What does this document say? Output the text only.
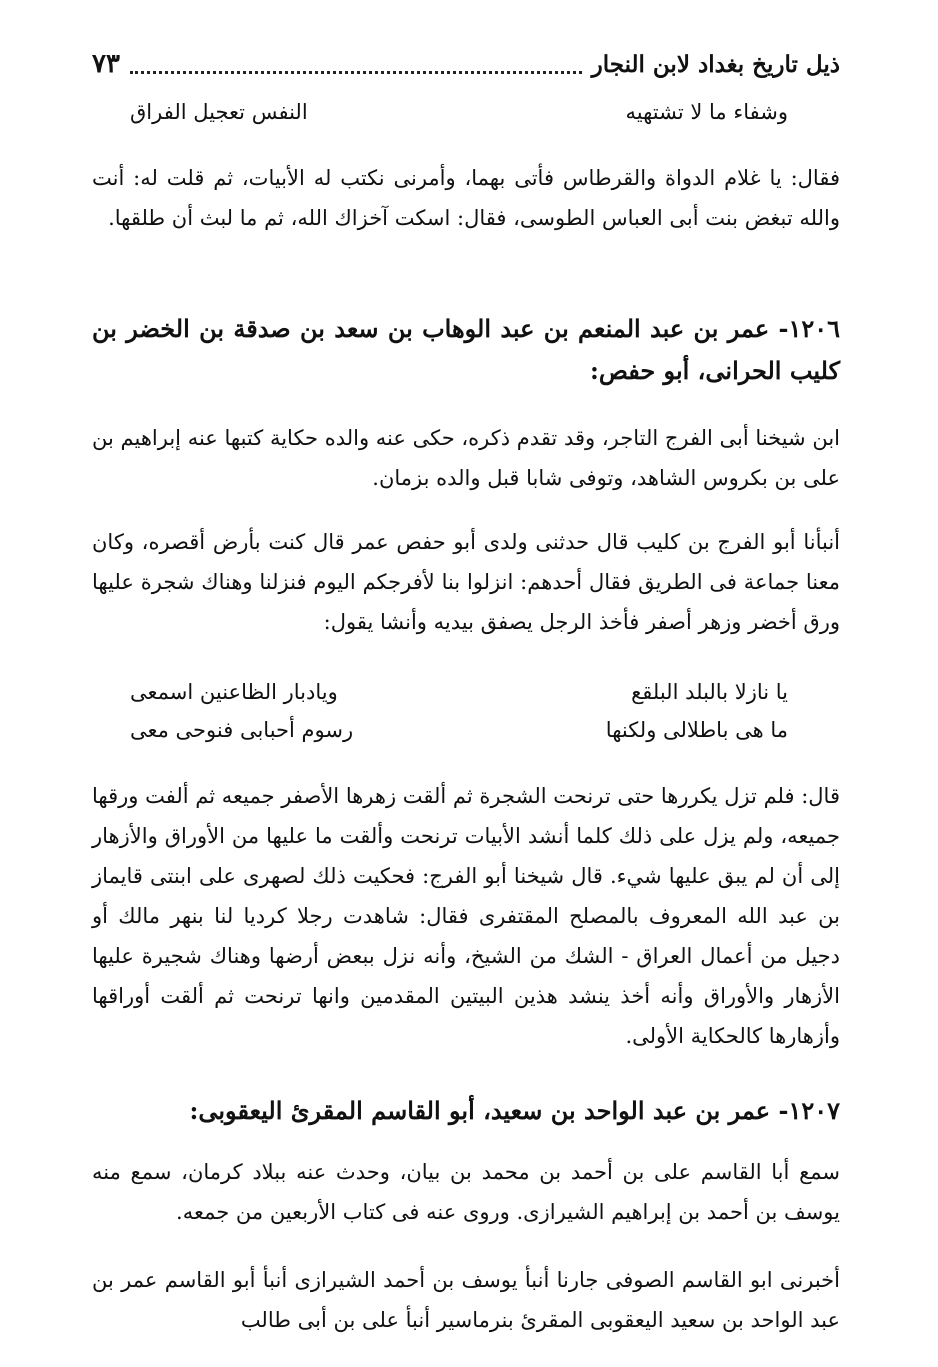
ذيل تاريخ بغداد لابن النجار
٧٣
وشفاء ما لا تشتهيه
النفس تعجيل الفراق
فقال: يا غلام الدواة والقرطاس فأتى بهما، وأمرنى نكتب له الأبيات، ثم قلت له: أنت والله تبغض بنت أبى العباس الطوسى، فقال: اسكت آخزاك الله، ثم ما لبث أن طلقها.
١٢٠٦- عمر بن عبد المنعم بن عبد الوهاب بن سعد بن صدقة بن الخضر بن كليب الحرانى، أبو حفص:
ابن شيخنا أبى الفرج التاجر، وقد تقدم ذكره، حكى عنه والده حكاية كتبها عنه إبراهيم بن على بن بكروس الشاهد، وتوفى شابا قبل والده بزمان.
أنبأنا أبو الفرج بن كليب قال حدثنى ولدى أبو حفص عمر قال كنت بأرض أقصره، وكان معنا جماعة فى الطريق فقال أحدهم: انزلوا بنا لأفرجكم اليوم فنزلنا وهناك شجرة عليها ورق أخضر وزهر أصفر فأخذ الرجل يصفق بيديه وأنشا يقول:
يا نازلا بالبلد البلقع
ويادبار الظاعنين اسمعى
ما هى باطلالى ولكنها
رسوم أحبابى فنوحى معى
قال: فلم تزل يكررها حتى ترنحت الشجرة ثم ألقت زهرها الأصفر جميعه ثم ألفت ورقها جميعه، ولم يزل على ذلك كلما أنشد الأبيات ترنحت وألقت ما عليها من الأوراق والأزهار إلى أن لم يبق عليها شيء. قال شيخنا أبو الفرج: فحكيت ذلك لصهرى على ابنتى قايماز بن عبد الله المعروف بالمصلح المقتفرى فقال: شاهدت رجلا كرديا لنا بنهر مالك أو دجيل من أعمال العراق - الشك من الشيخ، وأنه نزل ببعض أرضها وهناك شجيرة عليها الأزهار والأوراق وأنه أخذ ينشد هذين البيتين المقدمين وانها ترنحت ثم ألقت أوراقها وأزهارها كالحكاية الأولى.
١٢٠٧- عمر بن عبد الواحد بن سعيد، أبو القاسم المقرئ اليعقوبى:
سمع أبا القاسم على بن أحمد بن محمد بن بيان، وحدث عنه ببلاد كرمان، سمع منه يوسف بن أحمد بن إبراهيم الشيرازى. وروى عنه فى كتاب الأربعين من جمعه.
أخبرنى ابو القاسم الصوفى جارنا أنبأ يوسف بن أحمد الشيرازى أنبأ أبو القاسم عمر بن عبد الواحد بن سعيد اليعقوبى المقرئ بنرماسير أنبأ على بن أبى طالب
